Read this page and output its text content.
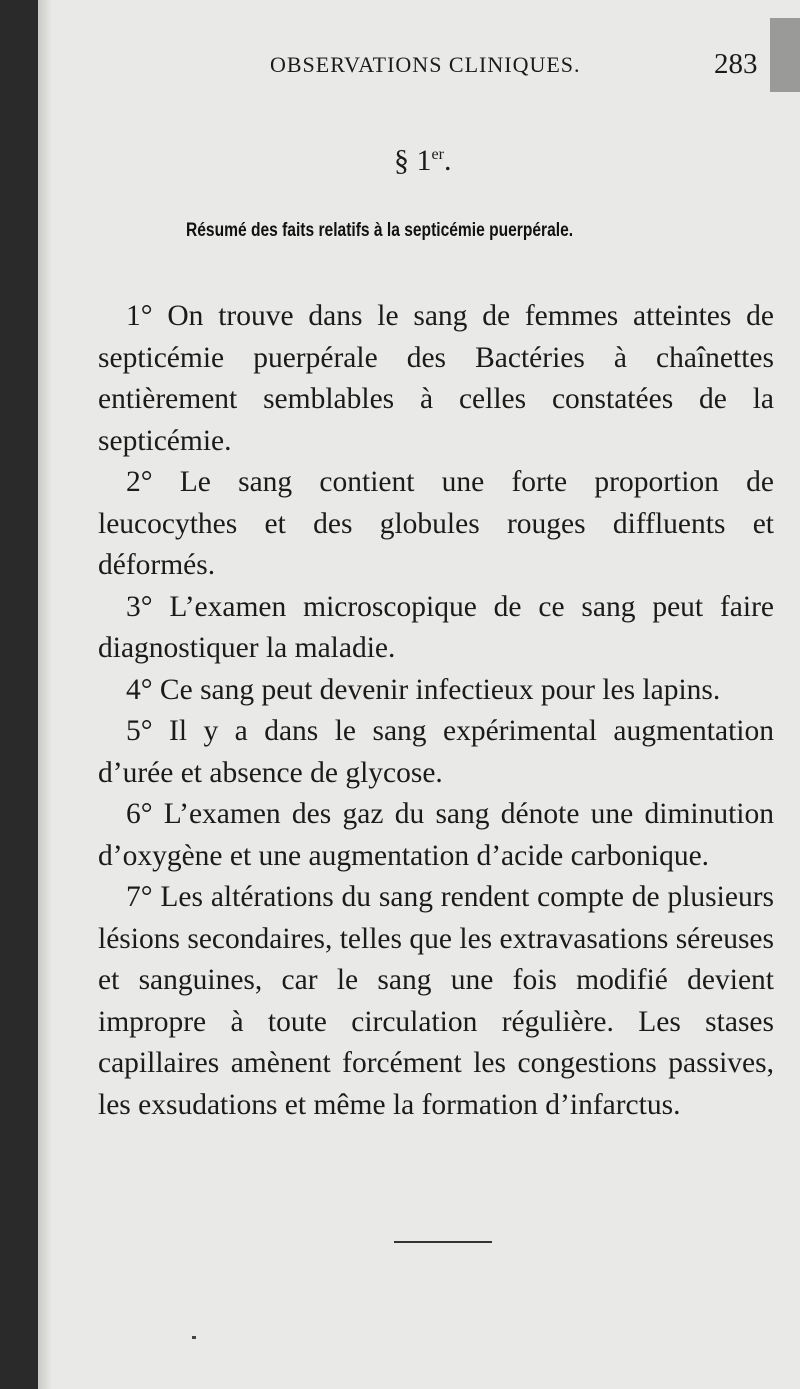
OBSERVATIONS CLINIQUES.	283
§ 1er.
Résumé des faits relatifs à la septicémie puerpérale.

1° On trouve dans le sang de femmes atteintes de septicémie puerpérale des Bactéries à chaînettes entièrement semblables à celles constatées de la septicémie.

2° Le sang contient une forte proportion de leucocythes et des globules rouges diffluents et déformés.

3° L’examen microscopique de ce sang peut faire diagnostiquer la maladie.

4° Ce sang peut devenir infectieux pour les lapins.

5° Il y a dans le sang expérimental augmentation d’urée et absence de glycose.

6° L’examen des gaz du sang dénote une diminution d’oxygène et une augmentation d’acide carbonique.

7° Les altérations du sang rendent compte de plusieurs lésions secondaires, telles que les extravasations séreuses et sanguines, car le sang une fois modifié devient impropre à toute circulation régulière. Les stases capillaires amènent forcément les congestions passives, les exsudations et même la formation d’infarctus.
